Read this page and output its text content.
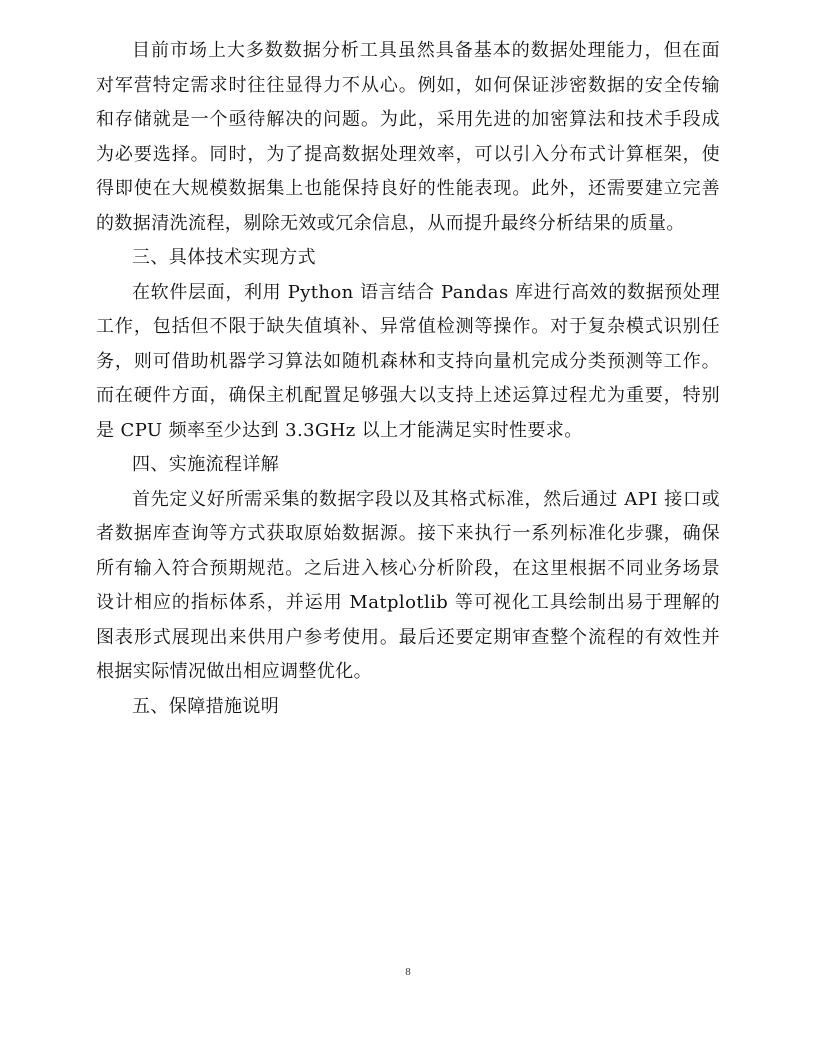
目前市场上大多数数据分析工具虽然具备基本的数据处理能力，但在面对军营特定需求时往往显得力不从心。例如，如何保证涉密数据的安全传输和存储就是一个亟待解决的问题。为此，采用先进的加密算法和技术手段成为必要选择。同时，为了提高数据处理效率，可以引入分布式计算框架，使得即使在大规模数据集上也能保持良好的性能表现。此外，还需要建立完善的数据清洗流程，剔除无效或冗余信息，从而提升最终分析结果的质量。

三、具体技术实现方式

在软件层面，利用 Python 语言结合 Pandas 库进行高效的数据预处理工作，包括但不限于缺失值填补、异常值检测等操作。对于复杂模式识别任务，则可借助机器学习算法如随机森林和支持向量机完成分类预测等工作。而在硬件方面，确保主机配置足够强大以支持上述运算过程尤为重要，特别是 CPU 频率至少达到 3.3GHz 以上才能满足实时性要求。

四、实施流程详解

首先定义好所需采集的数据字段以及其格式标准，然后通过 API 接口或者数据库查询等方式获取原始数据源。接下来执行一系列标准化步骤，确保所有输入符合预期规范。之后进入核心分析阶段，在这里根据不同业务场景设计相应的指标体系，并运用 Matplotlib 等可视化工具绘制出易于理解的图表形式展现出来供用户参考使用。最后还要定期审查整个流程的有效性并根据实际情况做出相应调整优化。

五、保障措施说明

8
